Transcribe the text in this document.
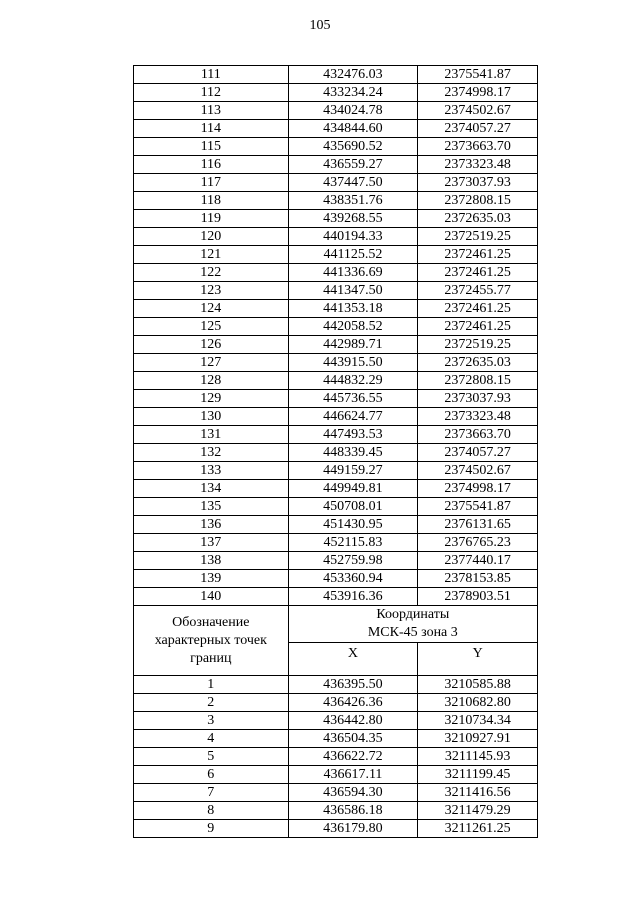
105
111	432476.03	2375541.87
112	433234.24	2374998.17
113	434024.78	2374502.67
114	434844.60	2374057.27
115	435690.52	2373663.70
116	436559.27	2373323.48
117	437447.50	2373037.93
118	438351.76	2372808.15
119	439268.55	2372635.03
120	440194.33	2372519.25
121	441125.52	2372461.25
122	441336.69	2372461.25
123	441347.50	2372455.77
124	441353.18	2372461.25
125	442058.52	2372461.25
126	442989.71	2372519.25
127	443915.50	2372635.03
128	444832.29	2372808.15
129	445736.55	2373037.93
130	446624.77	2373323.48
131	447493.53	2373663.70
132	448339.45	2374057.27
133	449159.27	2374502.67
134	449949.81	2374998.17
135	450708.01	2375541.87
136	451430.95	2376131.65
137	452115.83	2376765.23
138	452759.98	2377440.17
139	453360.94	2378153.85
140	453916.36	2378903.51
Обозначение характерных точек границ	Координаты
МСК-45 зона 3	

	X	Y
1	436395.50	3210585.88
2	436426.36	3210682.80
3	436442.80	3210734.34
4	436504.35	3210927.91
5	436622.72	3211145.93
6	436617.11	3211199.45
7	436594.30	3211416.56
8	436586.18	3211479.29
9	436179.80	3211261.25
